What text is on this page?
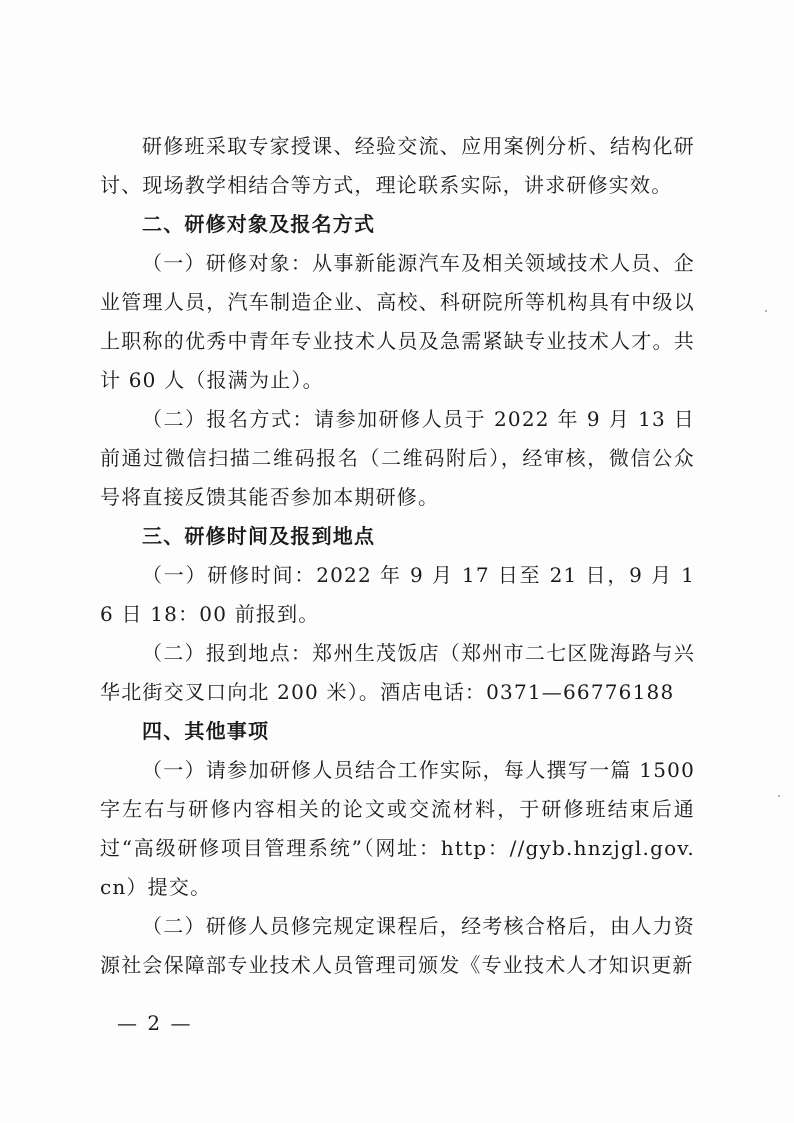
研修班采取专家授课、经验交流、应用案例分析、结构化研讨、现场教学相结合等方式，理论联系实际，讲求研修实效。

二、研修对象及报名方式

（一）研修对象：从事新能源汽车及相关领域技术人员、企业管理人员，汽车制造企业、高校、科研院所等机构具有中级以上职称的优秀中青年专业技术人员及急需紧缺专业技术人才。共计 60 人（报满为止）。

（二）报名方式：请参加研修人员于 2022 年 9 月 13 日前通过微信扫描二维码报名（二维码附后），经审核，微信公众号将直接反馈其能否参加本期研修。

三、研修时间及报到地点

（一）研修时间：2022 年 9 月 17 日至 21 日，9 月 16 日 18：00 前报到。

（二）报到地点：郑州生茂饭店（郑州市二七区陇海路与兴华北街交叉口向北 200 米）。酒店电话：0371—66776188

四、其他事项

（一）请参加研修人员结合工作实际，每人撰写一篇 1500 字左右与研修内容相关的论文或交流材料，于研修班结束后通过“高级研修项目管理系统”（网址：http：//gyb.hnzjgl.gov.cn）提交。

（二）研修人员修完规定课程后，经考核合格后，由人力资源社会保障部专业技术人员管理司颁发《专业技术人才知识更新

— 2 —
